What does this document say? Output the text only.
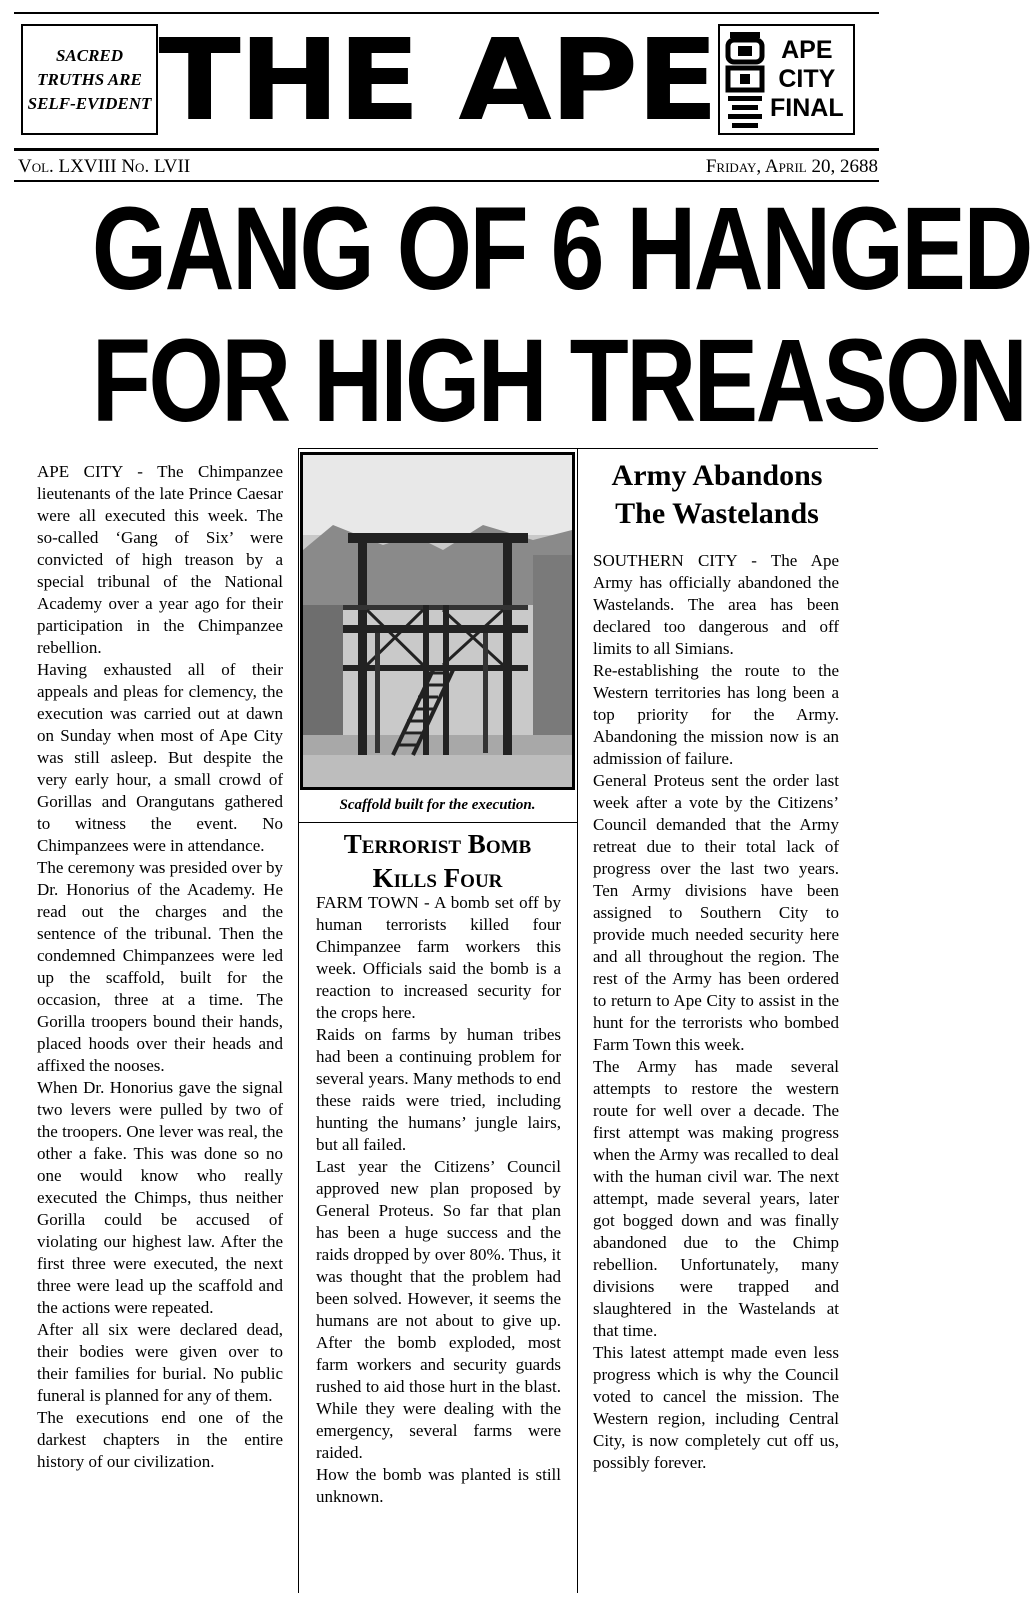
SACRED
TRUTHS ARE
SELF-EVIDENT THE APE	APE
CITY
FINAL
Vol. LXVIII No. LVII	Friday, April 20, 2688
GANG OF 6 HANGED
FOR HIGH TREASON

APE CITY - The Chimpanzee lieutenants of the late Prince Caesar were all executed this week. The so-called ‘Gang of Six’ were convicted of high treason by a special tribunal of the National Academy over a year ago for their participation in the Chimpanzee rebellion.

Having exhausted all of their appeals and pleas for clemency, the execution was carried out at dawn on Sunday when most of Ape City was still asleep. But despite the very early hour, a small crowd of Gorillas and Orangutans gathered to witness the event. No Chimpanzees were in attendance.

The ceremony was presided over by Dr. Honorius of the Academy. He read out the charges and the sentence of the tribunal. Then the condemned Chimpanzees were led up the scaffold, built for the occasion, three at a time. The Gorilla troopers bound their hands, placed hoods over their heads and affixed the nooses.

When Dr. Honorius gave the signal two levers were pulled by two of the troopers. One lever was real, the other a fake. This was done so no one would know who really executed the Chimps, thus neither Gorilla could be accused of violating our highest law. After the first three were executed, the next three were lead up the scaffold and the actions were repeated.

After all six were declared dead, their bodies were given over to their families for burial. No public funeral is planned for any of them.

The executions end one of the darkest chapters in the entire history of our civilization.

Scaffold built for the execution.
Terrorist Bomb
Kills Four

FARM TOWN - A bomb set off by human terrorists killed four Chimpanzee farm workers this week. Officials said the bomb is a reaction to increased security for the crops here.

Raids on farms by human tribes had been a continuing problem for several years. Many methods to end these raids were tried, including hunting the humans’ jungle lairs, but all failed.

Last year the Citizens’ Council approved new plan proposed by General Proteus. So far that plan has been a huge success and the raids dropped by over 80%. Thus, it was thought that the problem had been solved. However, it seems the humans are not about to give up. After the bomb exploded, most farm workers and security guards rushed to aid those hurt in the blast. While they were dealing with the emergency, several farms were raided.

How the bomb was planted is still unknown.

Army Abandons
The Wastelands

SOUTHERN CITY - The Ape Army has officially abandoned the Wastelands. The area has been declared too dangerous and off limits to all Simians.

Re-establishing the route to the Western territories has long been a top priority for the Army. Abandoning the mission now is an admission of failure.

General Proteus sent the order last week after a vote by the Citizens’ Council demanded that the Army retreat due to their total lack of progress over the last two years. Ten Army divisions have been assigned to Southern City to provide much needed security here and all throughout the region. The rest of the Army has been ordered to return to Ape City to assist in the hunt for the terrorists who bombed Farm Town this week.

The Army has made several attempts to restore the western route for well over a decade. The first attempt was making progress when the Army was recalled to deal with the human civil war. The next attempt, made several years, later got bogged down and was finally abandoned due to the Chimp rebellion. Unfortunately, many divisions were trapped and slaughtered in the Wastelands at that time.

This latest attempt made even less progress which is why the Council voted to cancel the mission. The Western region, including Central City, is now completely cut off us, possibly forever.
